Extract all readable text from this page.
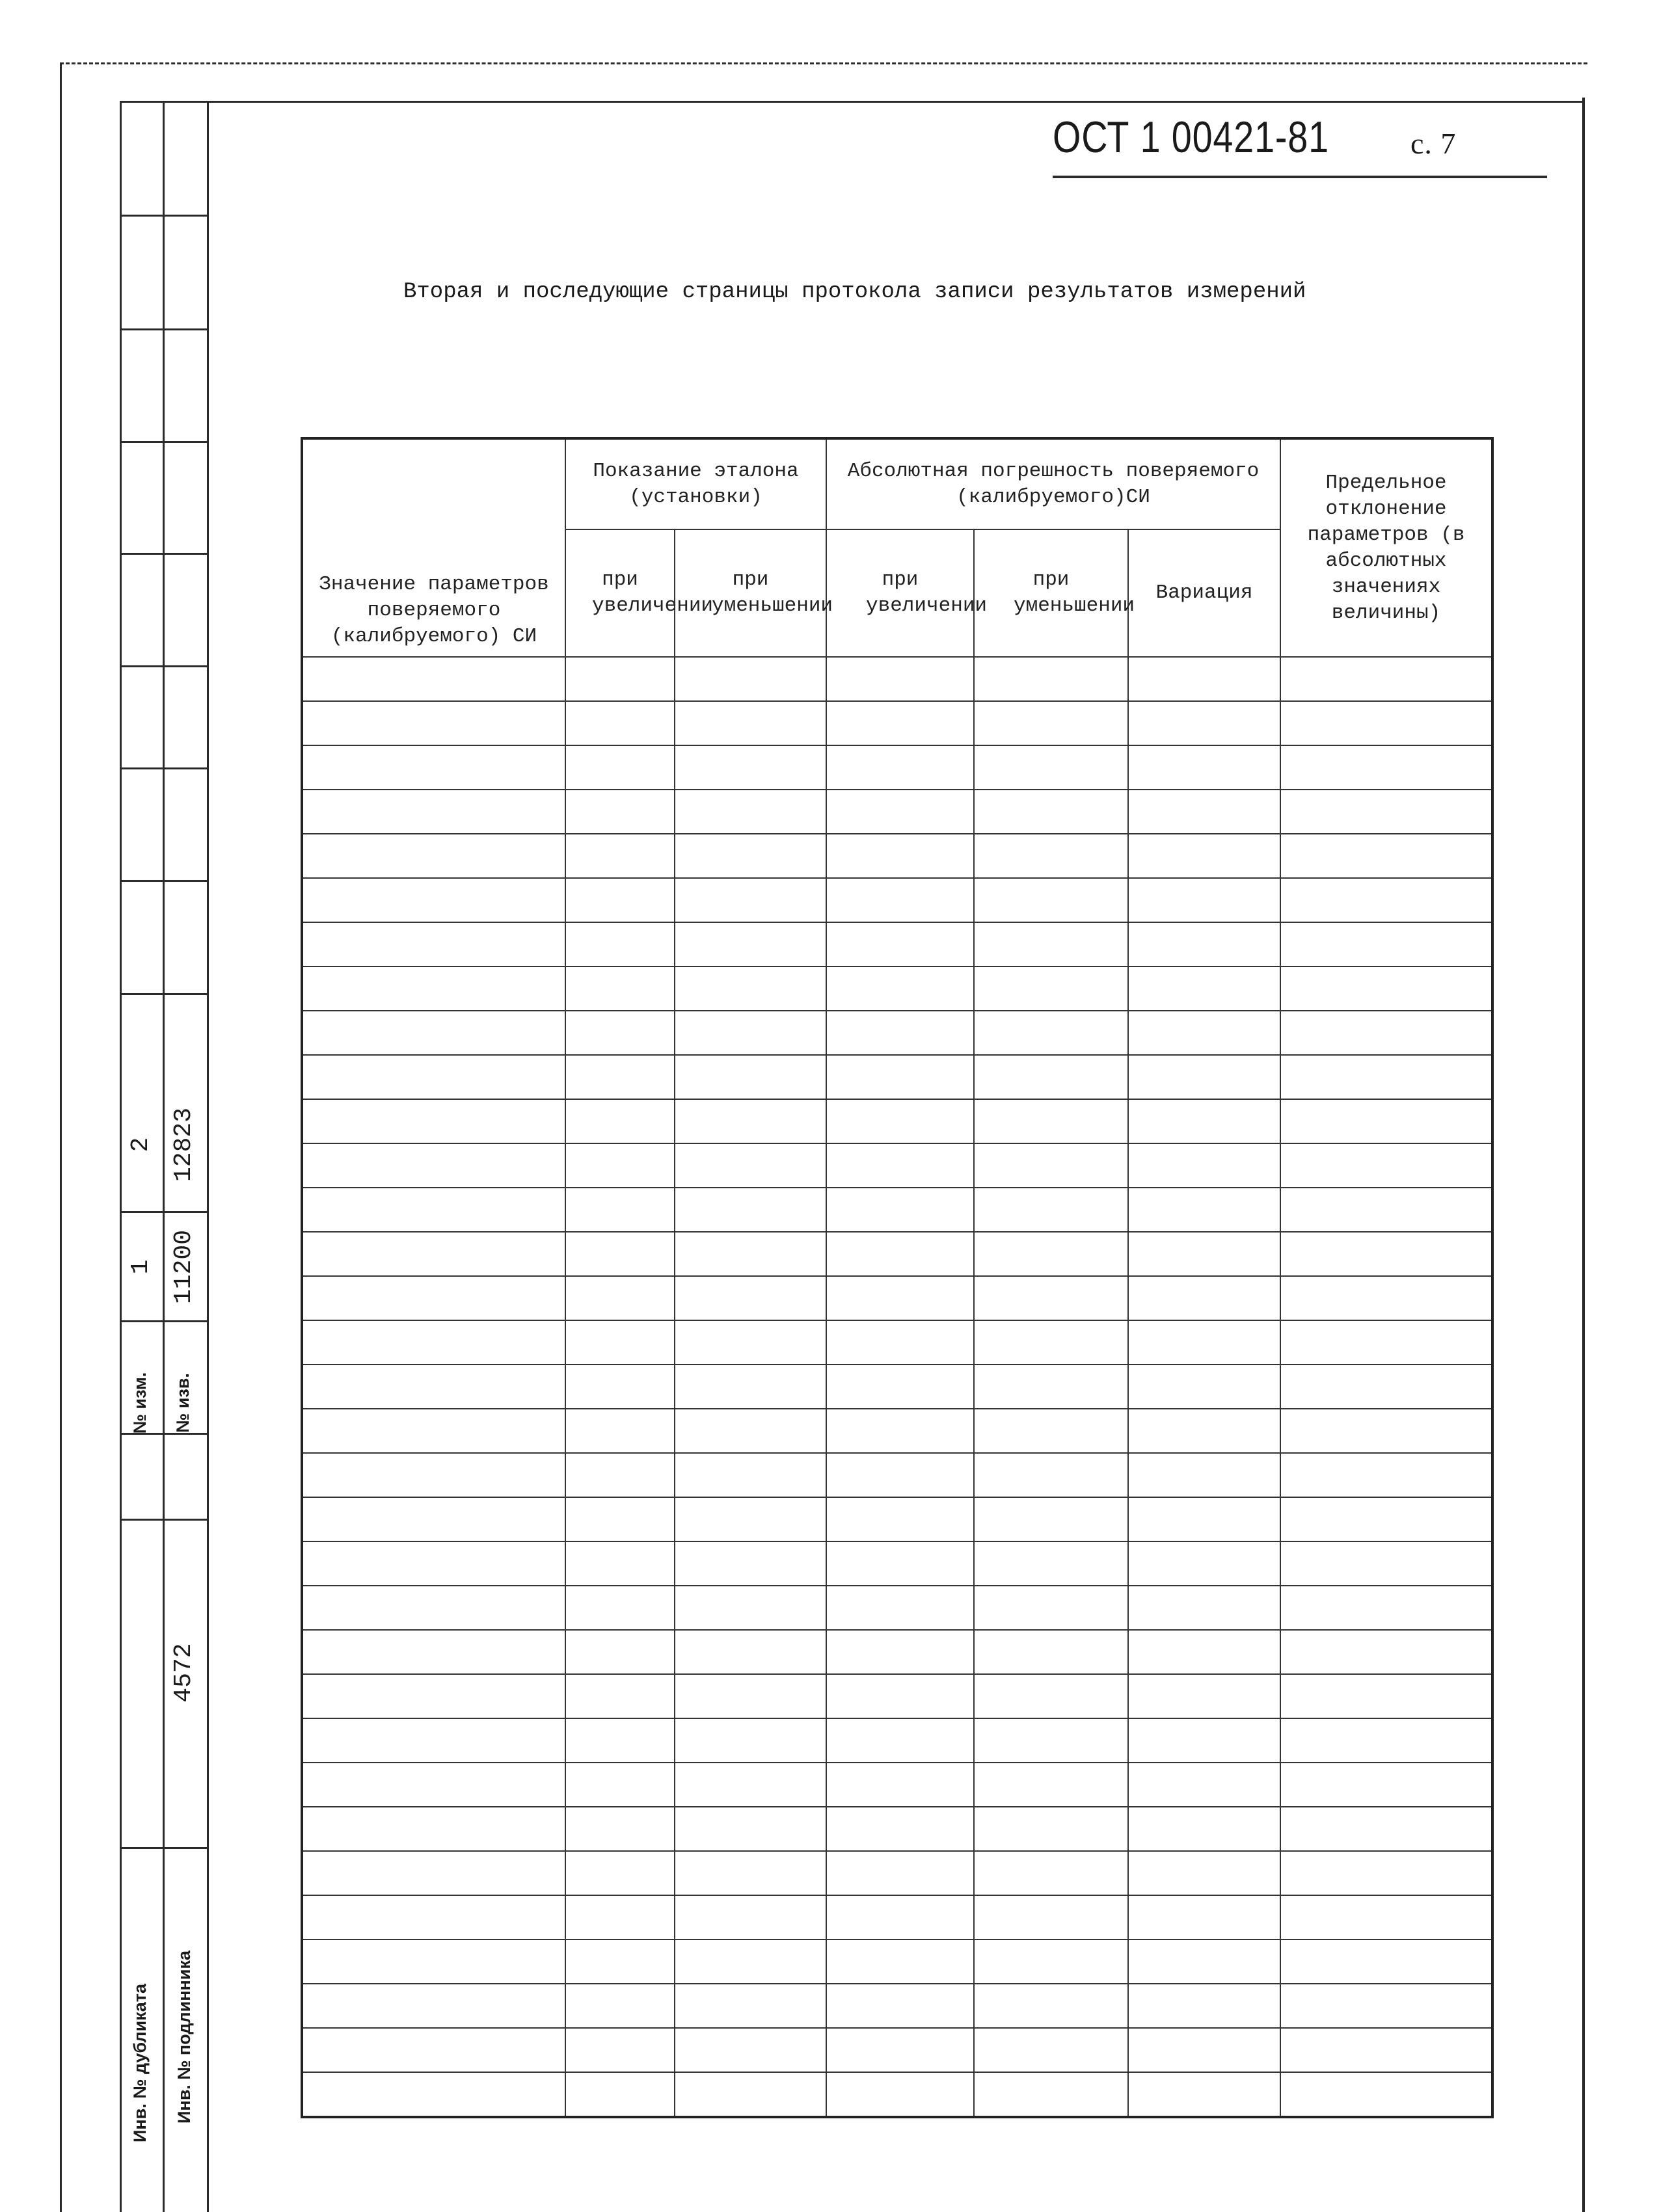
№ изм. № изв.
1
2
11200
12823
Инв. № дубликата Инв. № подлинника
4572
ОСТ 1 00421-81	с. 7
Вторая и последующие страницы протокола записи результатов измерений
Значение параметров поверяемого (калибруемого) СИ	Показание эталона (установки)		Абсолютная погрешность поверяемого (калибруемого)СИ			Предельное отклонение параметров (в абсолютных значениях величины)
	при увеличении	при уменьшении	при увеличении	при уменьшении	Вариация	
